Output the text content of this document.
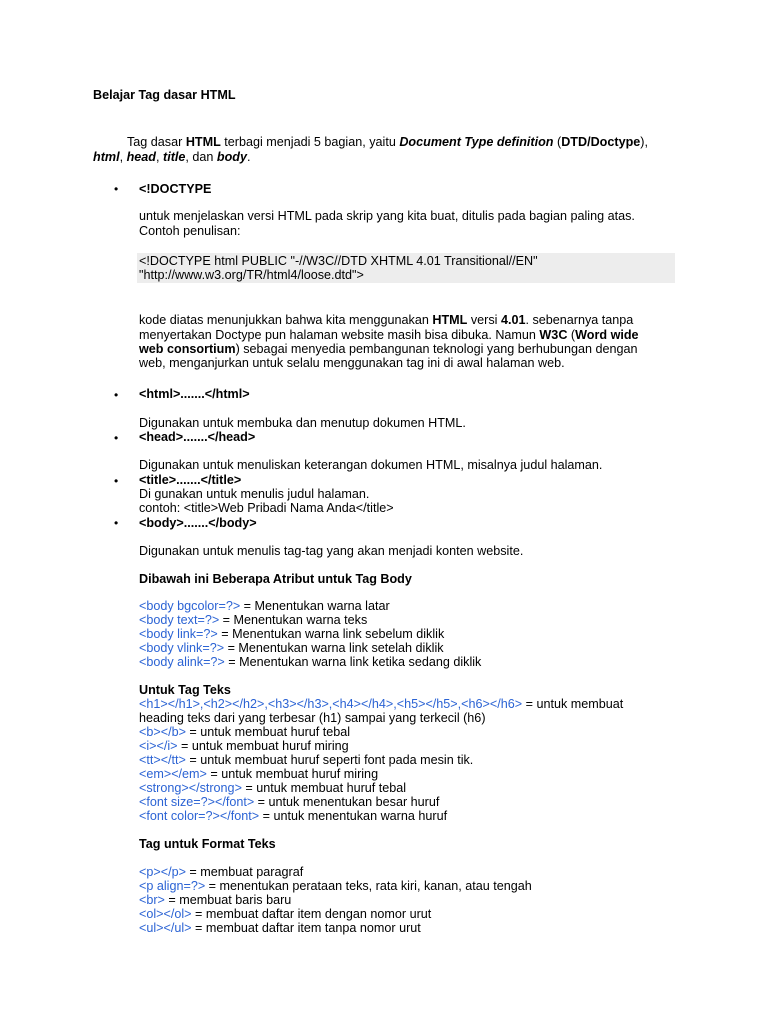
Belajar Tag dasar HTML
Tag dasar HTML terbagi menjadi 5 bagian, yaitu Document Type definition (DTD/Doctype),
html, head, title, dan body.
• <!DOCTYPE
untuk menjelaskan versi HTML pada skrip yang kita buat, ditulis pada bagian paling atas.
Contoh penulisan:
<!DOCTYPE html PUBLIC "-//W3C//DTD XHTML 4.01 Transitional//EN"
"http://www.w3.org/TR/html4/loose.dtd">
kode diatas menunjukkan bahwa kita menggunakan HTML versi 4.01. sebenarnya tanpa
menyertakan Doctype pun halaman website masih bisa dibuka. Namun W3C (Word wide
web consortium) sebagai menyedia pembangunan teknologi yang berhubungan dengan
web, menganjurkan untuk selalu menggunakan tag ini di awal halaman web.
• <html>.......</html>
Digunakan untuk membuka dan menutup dokumen HTML.
• <head>.......</head>
Digunakan untuk menuliskan keterangan dokumen HTML, misalnya judul halaman.
• <title>.......</title>
Di gunakan untuk menulis judul halaman.
contoh: <title>Web Pribadi Nama Anda</title>
• <body>.......</body>
Digunakan untuk menulis tag-tag yang akan menjadi konten website.
Dibawah ini Beberapa Atribut untuk Tag Body
<body bgcolor=?> = Menentukan warna latar
<body text=?> = Menentukan warna teks
<body link=?> = Menentukan warna link sebelum diklik
<body vlink=?> = Menentukan warna link setelah diklik
<body alink=?> = Menentukan warna link ketika sedang diklik
Untuk Tag Teks
<h1></h1>,<h2></h2>,<h3></h3>,<h4></h4>,<h5></h5>,<h6></h6> = untuk membuat
heading teks dari yang terbesar (h1) sampai yang terkecil (h6)
<b></b> = untuk membuat huruf tebal
<i></i> = untuk membuat huruf miring
<tt></tt> = untuk membuat huruf seperti font pada mesin tik.
<em></em> = untuk membuat huruf miring
<strong></strong> = untuk membuat huruf tebal
<font size=?></font> = untuk menentukan besar huruf
<font color=?></font> = untuk menentukan warna huruf
Tag untuk Format Teks
<p></p> = membuat paragraf
<p align=?> = menentukan perataan teks, rata kiri, kanan, atau tengah
<br> = membuat baris baru
<ol></ol> = membuat daftar item dengan nomor urut
<ul></ul> = membuat daftar item tanpa nomor urut
